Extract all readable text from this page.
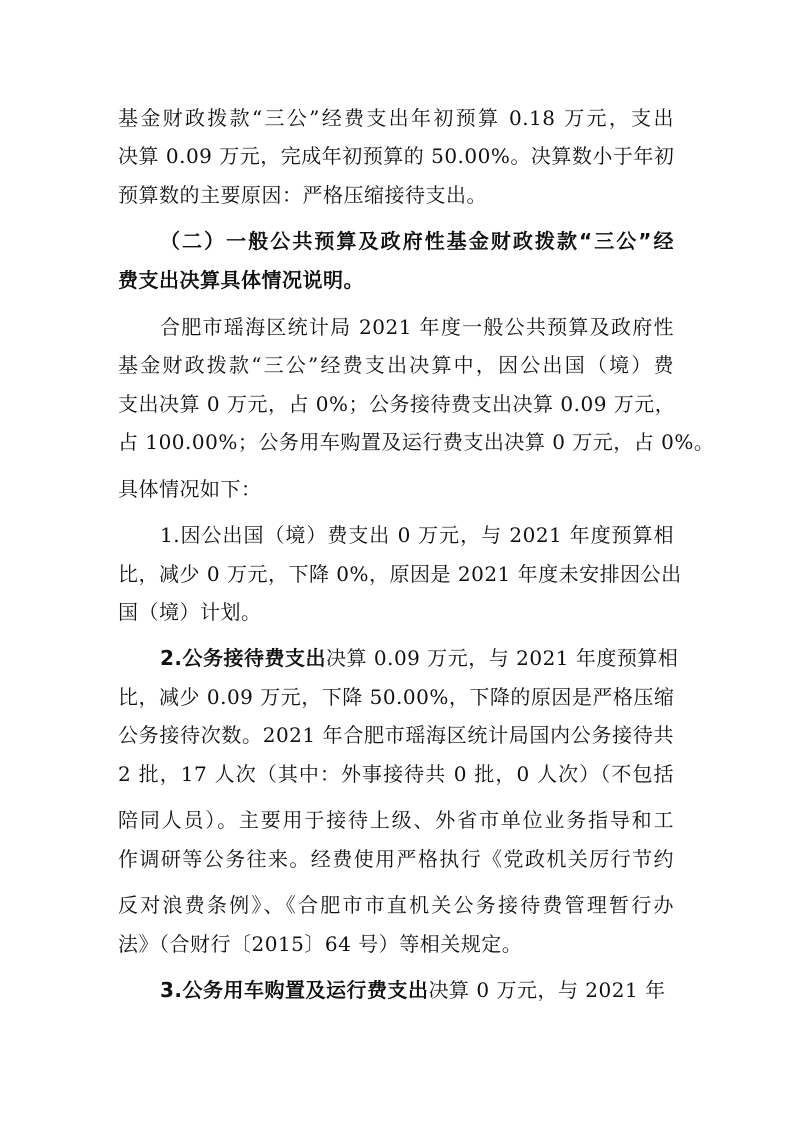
基金财政拨款“三公”经费支出年初预算 0.18 万元，支出
决算 0.09 万元，完成年初预算的 50.00%。决算数小于年初
预算数的主要原因：严格压缩接待支出。
（二）一般公共预算及政府性基金财政拨款“三公”经
费支出决算具体情况说明。
合肥市瑶海区统计局 2021 年度一般公共预算及政府性
基金财政拨款“三公”经费支出决算中，因公出国（境）费
支出决算 0 万元，占 0%；公务接待费支出决算 0.09 万元，
占 100.00%；公务用车购置及运行费支出决算 0 万元，占 0%。
具体情况如下：
1.因公出国（境）费支出 0 万元，与 2021 年度预算相
比，减少 0 万元，下降 0%，原因是 2021 年度未安排因公出
国（境）计划。
2.公务接待费支出决算 0.09 万元，与 2021 年度预算相
比，减少 0.09 万元，下降 50.00%，下降的原因是严格压缩
公务接待次数。2021 年合肥市瑶海区统计局国内公务接待共
2 批，17 人次（其中：外事接待共 0 批，0 人次）（不包括
陪同人员）。主要用于接待上级、外省市单位业务指导和工
作调研等公务往来。经费使用严格执行《党政机关厉行节约
反对浪费条例》、《合肥市市直机关公务接待费管理暂行办
法》（合财行〔2015〕64 号）等相关规定。
3.公务用车购置及运行费支出决算 0 万元，与 2021 年
